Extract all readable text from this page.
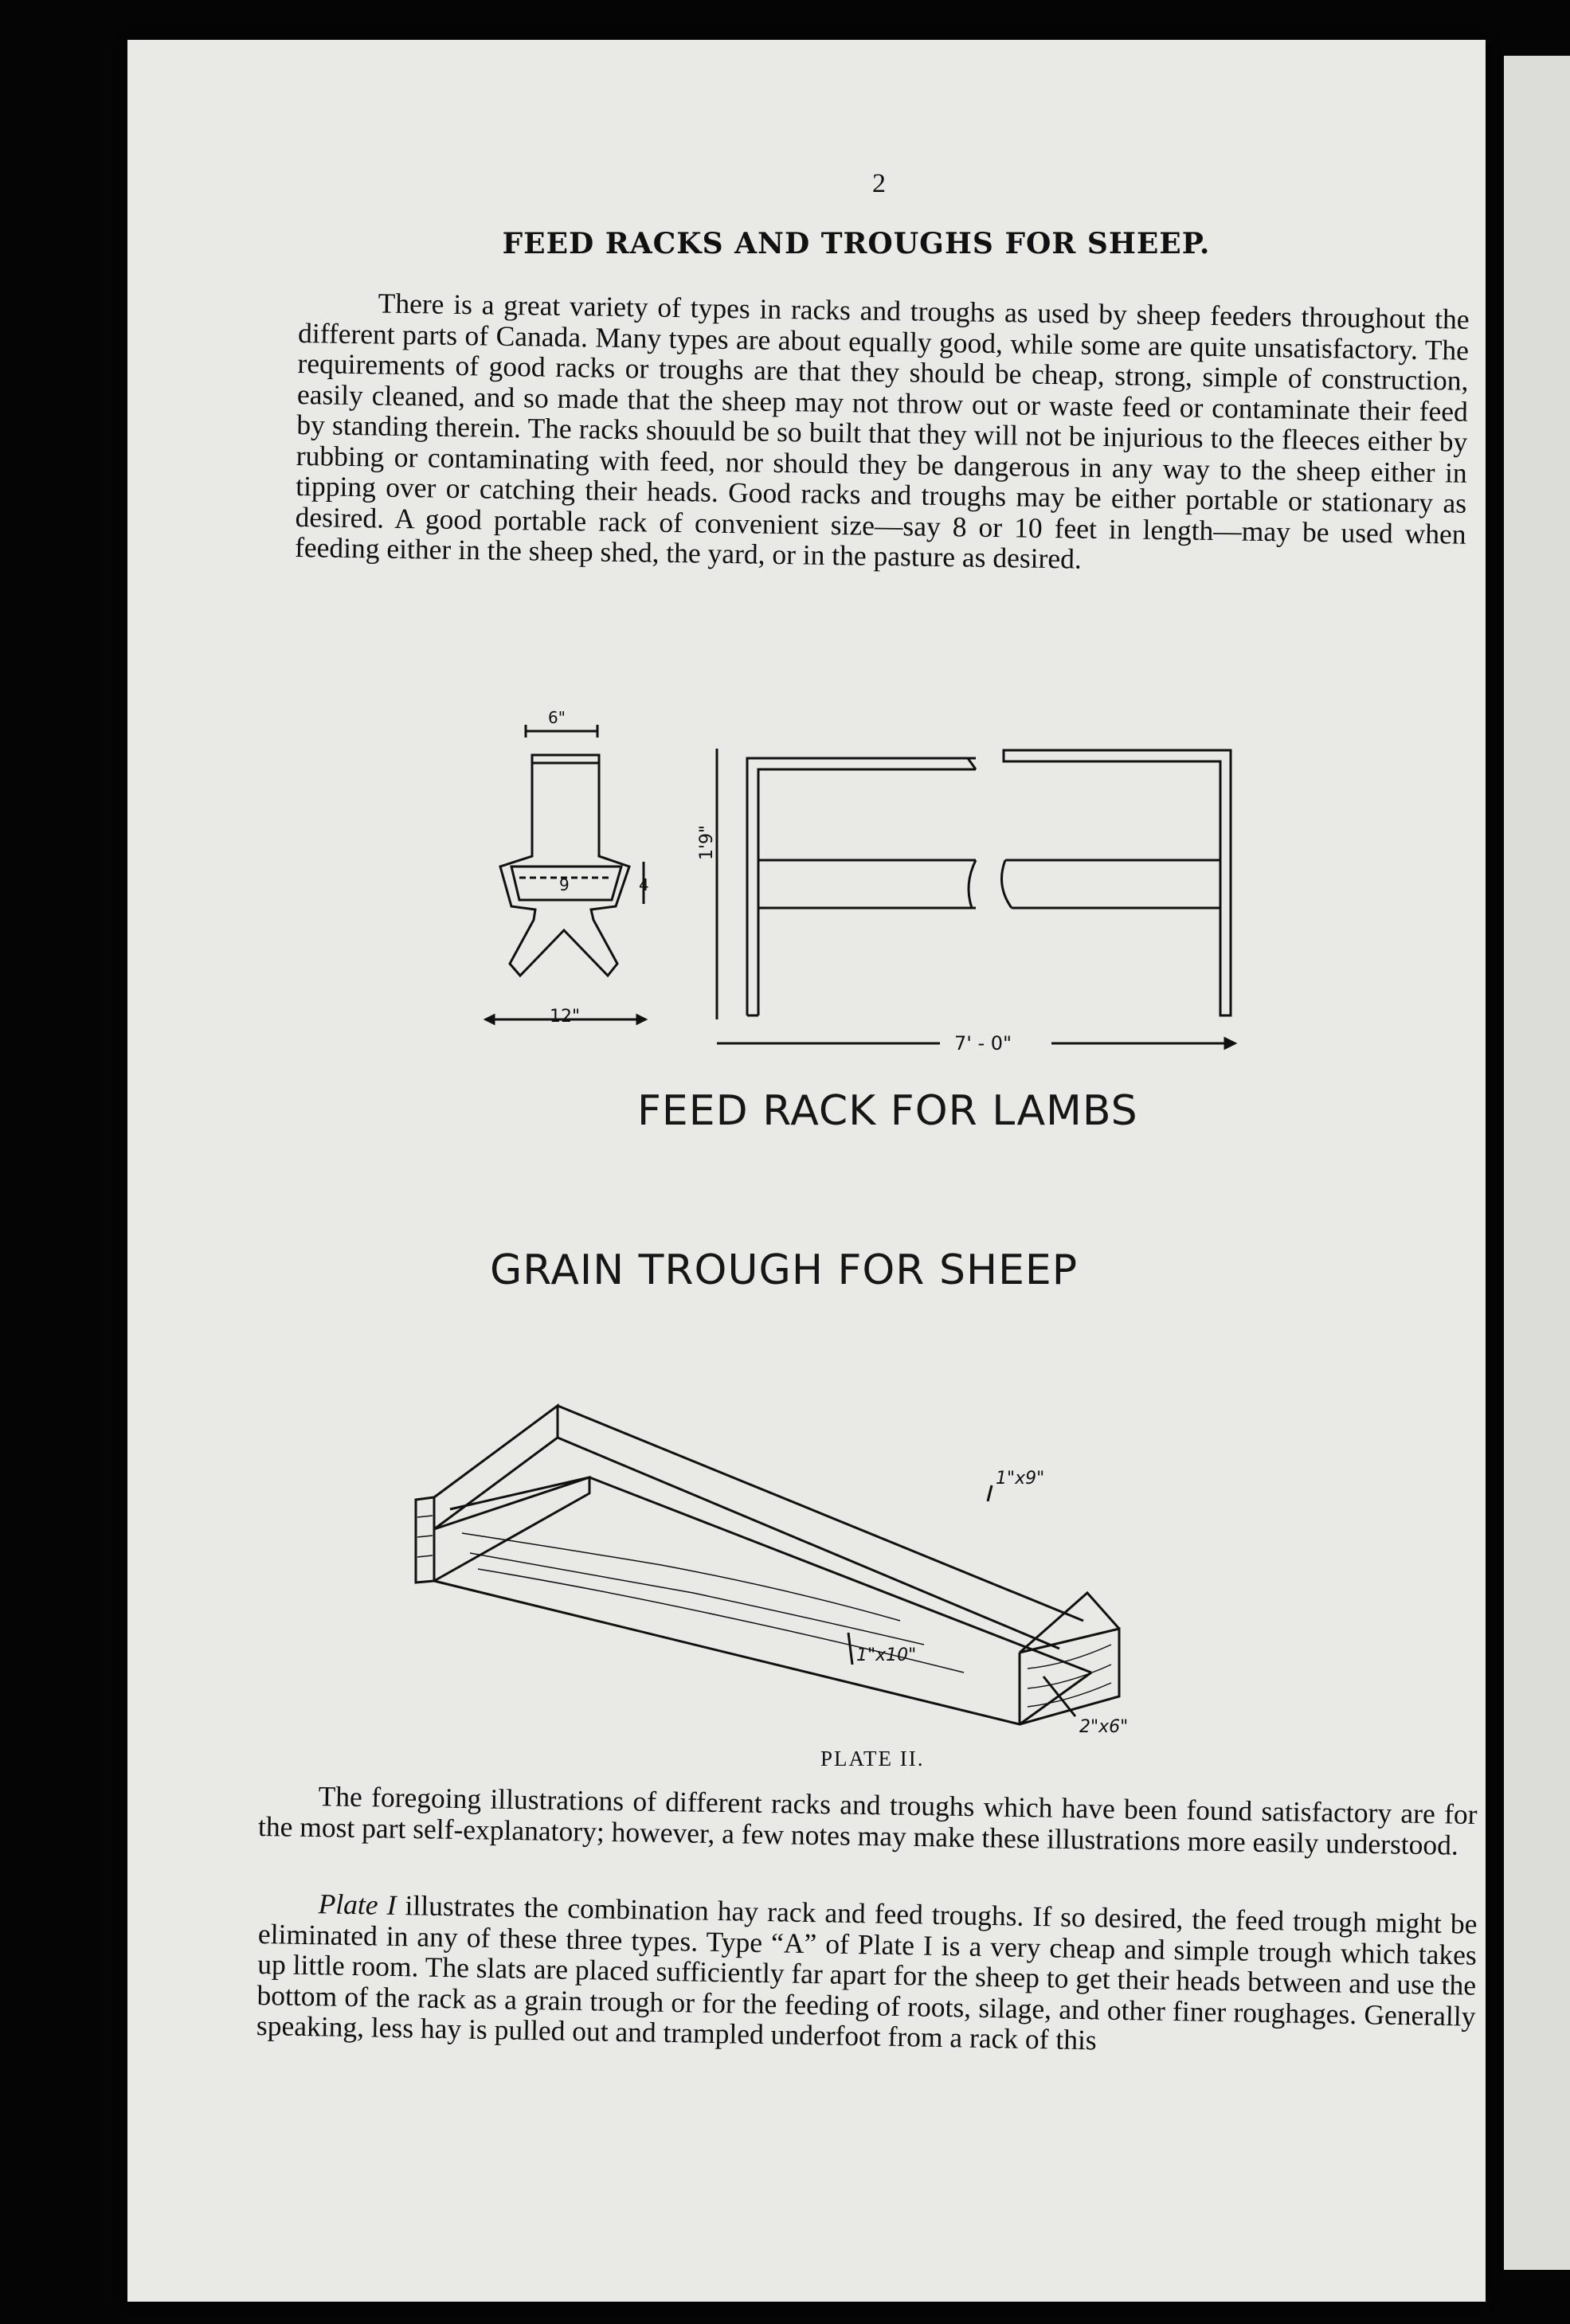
2
FEED RACKS AND TROUGHS FOR SHEEP.
There is a great variety of types in racks and troughs as used by sheep feeders throughout the different parts of Canada. Many types are about equally good, while some are quite unsatisfactory. The requirements of good racks or troughs are that they should be cheap, strong, simple of construction, easily cleaned, and so made that the sheep may not throw out or waste feed or contaminate their feed by standing therein. The racks shouuld be so built that they will not be injurious to the fleeces either by rubbing or contaminating with feed, nor should they be dangerous in any way to the sheep either in tipping over or catching their heads. Good racks and troughs may be either portable or stationary as desired. A good portable rack of convenient size—say 8 or 10 feet in length—may be used when feeding either in the sheep shed, the yard, or in the pasture as desired.
6"
9	4
12"
1'9"
7' - 0"
FEED RACK FOR LAMBS
GRAIN TROUGH FOR SHEEP
1"x9"
1"x10"
2"x6"
PLATE II.
The foregoing illustrations of different racks and troughs which have been found satisfactory are for the most part self-explanatory; however, a few notes may make these illustrations more easily understood.
Plate I illustrates the combination hay rack and feed troughs. If so desired, the feed trough might be eliminated in any of these three types. Type “A” of Plate I is a very cheap and simple trough which takes up little room. The slats are placed sufficiently far apart for the sheep to get their heads between and use the bottom of the rack as a grain trough or for the feeding of roots, silage, and other finer roughages. Generally speaking, less hay is pulled out and trampled underfoot from a rack of this
